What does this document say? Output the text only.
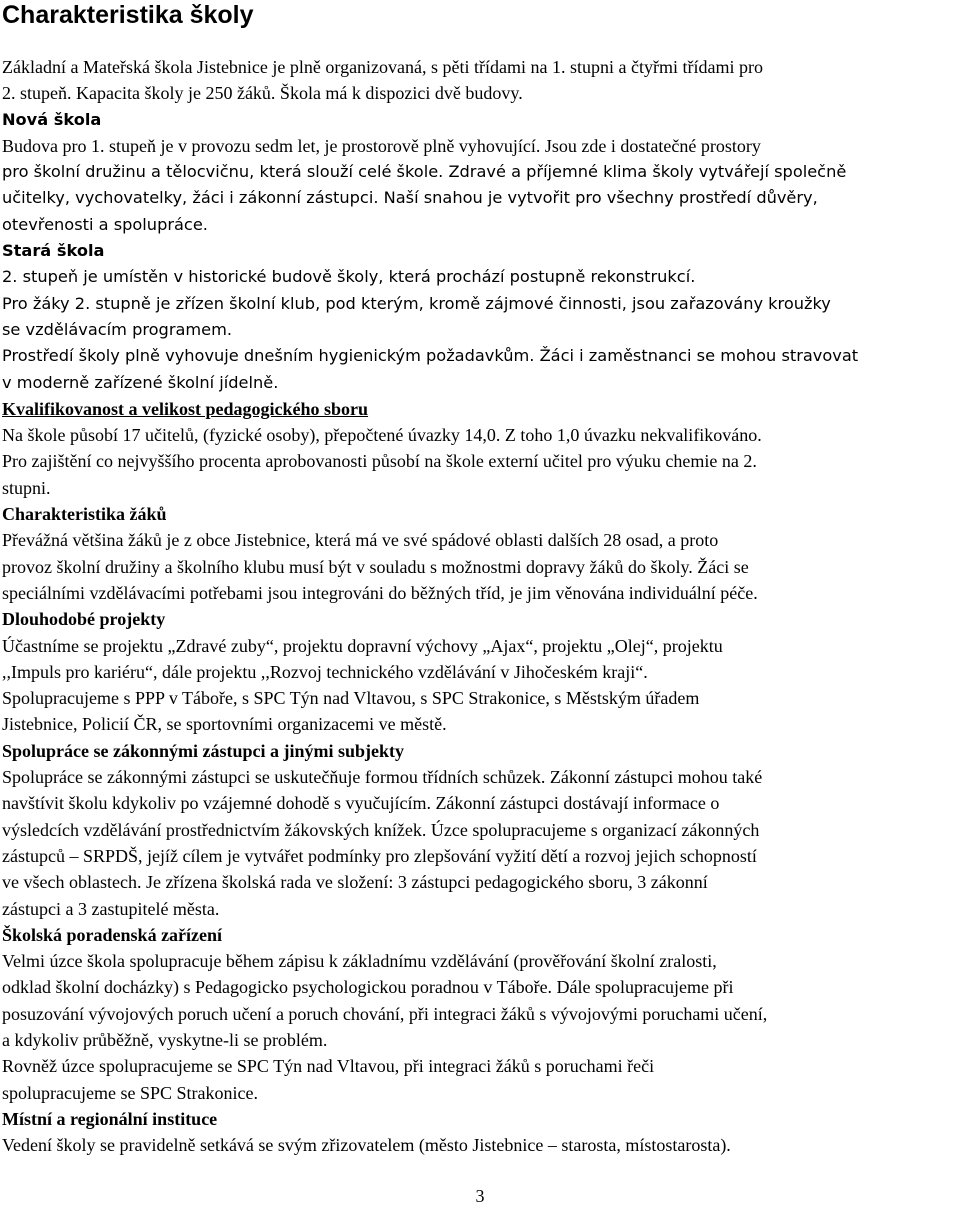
Charakteristika školy
Základní a Mateřská škola Jistebnice je plně organizovaná, s pěti třídami na 1. stupni a čtyřmi třídami pro
2. stupeň. Kapacita školy je 250 žáků. Škola má k dispozici dvě budovy.
Nová škola
Budova pro 1. stupeň je v provozu sedm let, je prostorově plně vyhovující. Jsou zde i dostatečné prostory
pro školní družinu a tělocvičnu, která slouží celé škole. Zdravé a příjemné klima školy vytvářejí společně
učitelky, vychovatelky, žáci i zákonní zástupci. Naší snahou je vytvořit pro všechny prostředí důvěry,
otevřenosti a spolupráce.
Stará škola
2. stupeň je umístěn v historické budově školy, která prochází postupně rekonstrukcí.
Pro žáky 2. stupně je zřízen školní klub, pod kterým, kromě zájmové činnosti, jsou zařazovány kroužky
se vzdělávacím programem.
Prostředí školy plně vyhovuje dnešním hygienickým požadavkům. Žáci i zaměstnanci se mohou stravovat
v moderně zařízené školní jídelně.
Kvalifikovanost a velikost pedagogického sboru
Na škole působí 17 učitelů, (fyzické osoby), přepočtené úvazky 14,0. Z toho 1,0 úvazku nekvalifikováno.
Pro zajištění co nejvyššího procenta aprobovanosti působí na škole externí učitel pro výuku chemie na 2.
stupni.
Charakteristika žáků
Převážná většina žáků je z obce Jistebnice, která má ve své spádové oblasti dalších 28 osad, a proto
provoz školní družiny a školního klubu musí být v souladu s možnostmi dopravy žáků do školy. Žáci se
speciálními vzdělávacími potřebami jsou integrováni do běžných tříd, je jim věnována individuální péče.
Dlouhodobé projekty
Účastníme se projektu „Zdravé zuby“, projektu dopravní výchovy „Ajax“, projektu „Olej“, projektu
,,Impuls pro kariéru“, dále projektu ,,Rozvoj technického vzdělávání v Jihočeském kraji“.
Spolupracujeme s PPP v Táboře, s SPC Týn nad Vltavou, s SPC Strakonice, s Městským úřadem
Jistebnice, Policií ČR, se sportovními organizacemi ve městě.
Spolupráce se zákonnými zástupci a jinými subjekty
Spolupráce se zákonnými zástupci se uskutečňuje formou třídních schůzek. Zákonní zástupci mohou také
navštívit školu kdykoliv po vzájemné dohodě s vyučujícím. Zákonní zástupci dostávají informace o
výsledcích vzdělávání prostřednictvím žákovských knížek. Úzce spolupracujeme s organizací zákonných
zástupců – SRPDŠ, jejíž cílem je vytvářet podmínky pro zlepšování vyžití dětí a rozvoj jejich schopností
ve všech oblastech. Je zřízena školská rada ve složení: 3 zástupci pedagogického sboru, 3 zákonní
zástupci a 3 zastupitelé města.
Školská poradenská zařízení
Velmi úzce škola spolupracuje během zápisu k základnímu vzdělávání (prověřování školní zralosti,
odklad školní docházky) s Pedagogicko psychologickou poradnou v Táboře. Dále spolupracujeme při
posuzování vývojových poruch učení a poruch chování, při integraci žáků s vývojovými poruchami učení,
a kdykoliv průběžně, vyskytne-li se problém.
Rovněž úzce spolupracujeme se SPC Týn nad Vltavou, při integraci žáků s poruchami řeči
spolupracujeme se SPC Strakonice.
Místní a regionální instituce
Vedení školy se pravidelně setkává se svým zřizovatelem (město Jistebnice – starosta, místostarosta).
3
